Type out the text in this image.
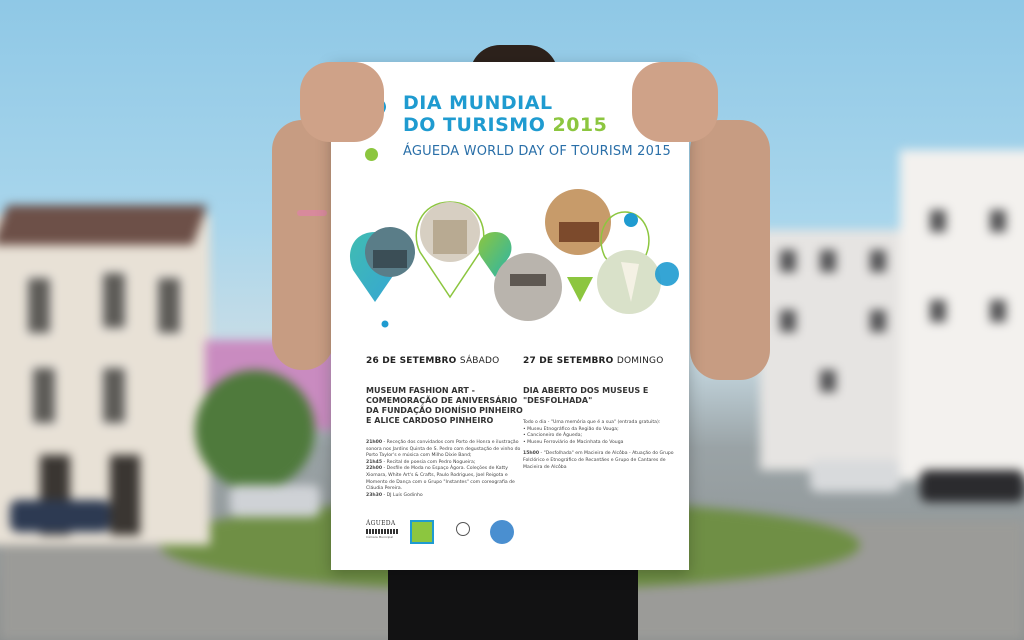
DIA MUNDIAL
DO TURISMO 2015
ÁGUEDA WORLD DAY OF TOURISM 2015
26 DE SETEMBRO SÁBADO
MUSEUM FASHION ART - COMEMORAÇÃO DE ANIVERSÁRIO DA FUNDAÇÃO DIONÍSIO PINHEIRO E ALICE CARDOSO PINHEIRO
21h00 - Receção dos convidados com Porto de Honra e ilustração sonora nos Jardins Quinta de S. Pedro com degustação de vinho do Porto Taylor's e música com Milho Dixie Band;
21h45 - Recital de poesia com Pedro Nogueira;
22h00 - Desfile de Moda no Espaço Ágora. Coleções de Katty Xiomara, White Art's & Crafts, Paulo Rodrigues, Joel Reigota e Momento de Dança com o Grupo "Instantes" com coreografia de Cláudia Pereira.
23h30 - DJ Luís Godinho
27 DE SETEMBRO DOMINGO
DIA ABERTO DOS MUSEUS E "DESFOLHADA"
Todo o dia - "Uma memória que é a sua" (entrada gratuita):
• Museu Etnográfico da Região do Vouga;
• Cancioneiro de Águeda;
• Museu Ferroviário de Macinhata do Vouga
15h00 - "Desfolhada" em Macieira de Alcôba - Atuação do Grupo Folclórico e Etnográfico de Recantães e Grupo de Cantares de Macieira de Alcôba
ÁGUEDA
Câmara Municipal
